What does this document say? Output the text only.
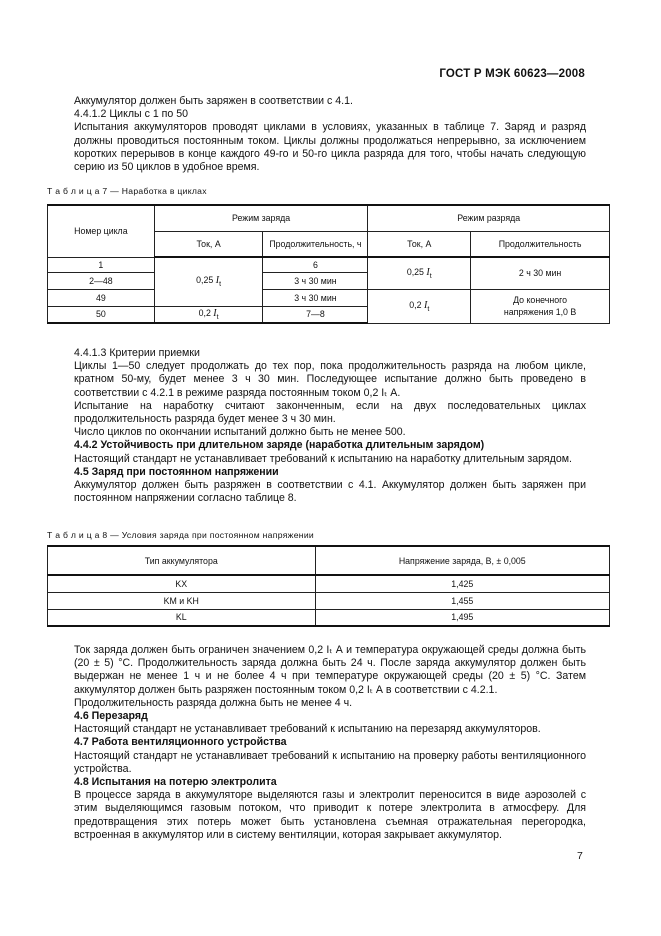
ГОСТ Р МЭК 60623—2008

Аккумулятор должен быть заряжен в соответствии с 4.1.

4.4.1.2 Циклы с 1 по 50

Испытания аккумуляторов проводят циклами в условиях, указанных в таблице 7. Заряд и разряд должны проводиться постоянным током. Циклы должны продолжаться непрерывно, за исключением коротких перерывов в конце каждого 49-го и 50-го цикла разряда для того, чтобы начать следующую серию из 50 циклов в удобное время.

Т а б л и ц а 7 — Наработка в циклах
Номер цикла	Режим заряда		Режим разряда	
	Ток, А	Продолжительность, ч	Ток, А	Продолжительность
1	0,25 $I_t$	6	0,25 $I_t$	2 ч 30 мин
2—48		3 ч 30 мин		
49		3 ч 30 мин	0,2 $I_t$	До конечного
напряжения 1,0 В

50	0,2 $I_t$	7—8		

4.4.1.3 Критерии приемки

Циклы 1—50 следует продолжать до тех пор, пока продолжительность разряда на любом цикле, кратном 50-му, будет менее 3 ч 30 мин. Последующее испытание должно быть проведено в соответствии с 4.2.1 в режиме разряда постоянным током 0,2 Iₜ А.

Испытание на наработку считают законченным, если на двух последовательных циклах продолжительность разряда будет менее 3 ч 30 мин.

Число циклов по окончании испытаний должно быть не менее 500.

4.4.2 Устойчивость при длительном заряде (наработка длительным зарядом)

Настоящий стандарт не устанавливает требований к испытанию на наработку длительным зарядом.

4.5 Заряд при постоянном напряжении

Аккумулятор должен быть разряжен в соответствии с 4.1. Аккумулятор должен быть заряжен при постоянном напряжении согласно таблице 8.

Т а б л и ц а 8 — Условия заряда при постоянном напряжении
Тип аккумулятора	Напряжение заряда, В, ± 0,005
KX	1,425
KM и KH	1,455
KL	1,495

Ток заряда должен быть ограничен значением 0,2 Iₜ А и температура окружающей среды должна быть (20 ± 5) °C. Продолжительность заряда должна быть 24 ч. После заряда аккумулятор должен быть выдержан не менее 1 ч и не более 4 ч при температуре окружающей среды (20 ± 5) °C. Затем аккумулятор должен быть разряжен постоянным током 0,2 Iₜ А в соответствии с 4.2.1.

Продолжительность разряда должна быть не менее 4 ч.

4.6 Перезаряд

Настоящий стандарт не устанавливает требований к испытанию на перезаряд аккумуляторов.

4.7 Работа вентиляционного устройства

Настоящий стандарт не устанавливает требований к испытанию на проверку работы вентиляционного устройства.

4.8 Испытания на потерю электролита

В процессе заряда в аккумуляторе выделяются газы и электролит переносится в виде аэрозолей с этим выделяющимся газовым потоком, что приводит к потере электролита в атмосферу. Для предотвращения этих потерь может быть установлена съемная отражательная перегородка, встроенная в аккумулятор или в систему вентиляции, которая закрывает аккумулятор.

7
